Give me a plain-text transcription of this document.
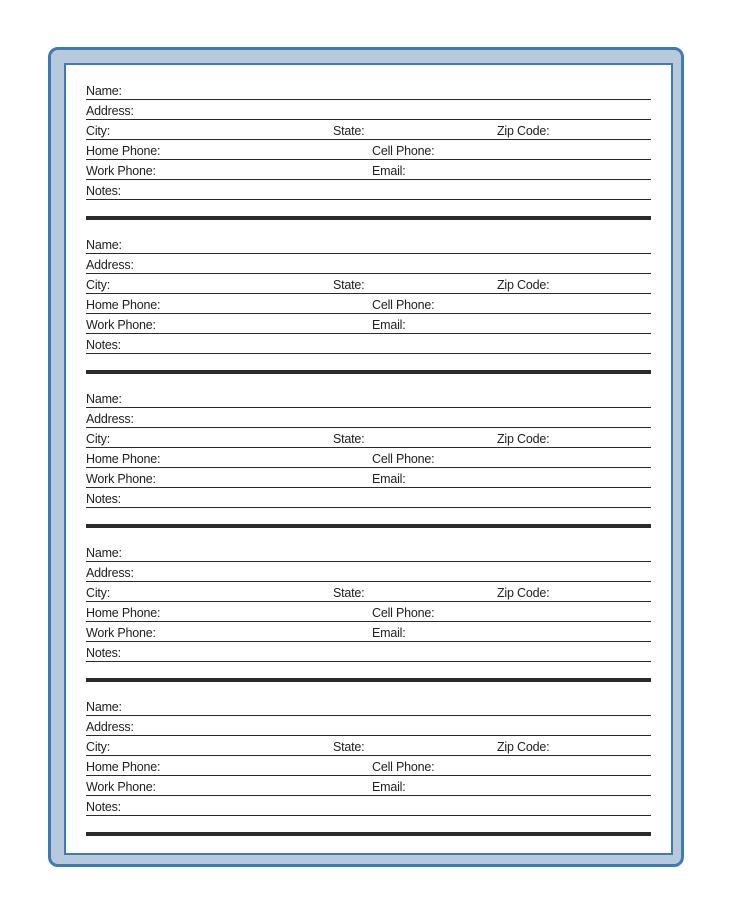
Name:
Address:
City:	State:	Zip Code:
Home Phone:	Cell Phone:
Work Phone:	Email:
Notes:
Name:
Address:
City:	State:	Zip Code:
Home Phone:	Cell Phone:
Work Phone:	Email:
Notes:
Name:
Address:
City:	State:	Zip Code:
Home Phone:	Cell Phone:
Work Phone:	Email:
Notes:
Name:
Address:
City:	State:	Zip Code:
Home Phone:	Cell Phone:
Work Phone:	Email:
Notes:
Name:
Address:
City:	State:	Zip Code:
Home Phone:	Cell Phone:
Work Phone:	Email:
Notes:
